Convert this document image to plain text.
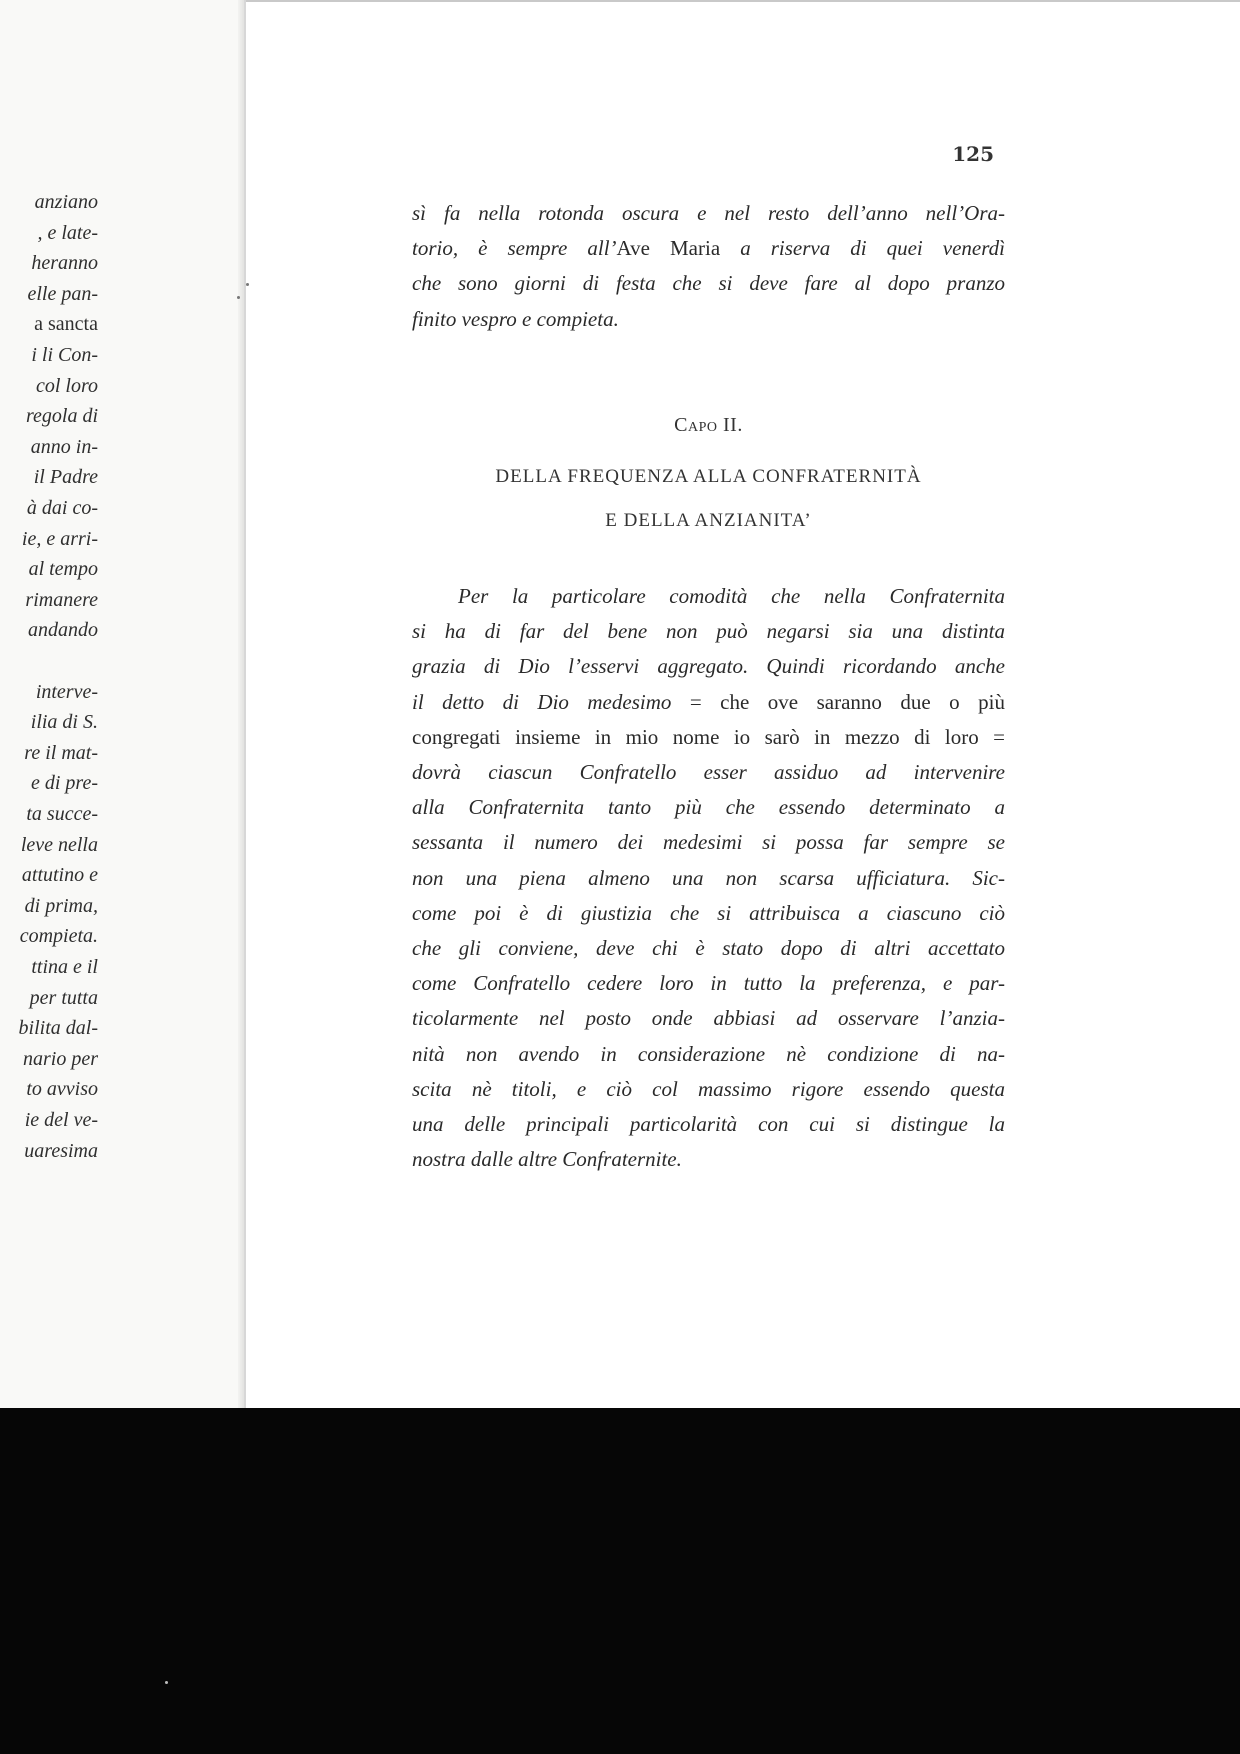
anziano
, e late-
heranno
elle pan-
a sancta
i li Con-
col loro
regola di
anno in-
il Padre
à dai co-
ie, e arri-
al tempo
rimanere
andando
interve-
ilia di S.
re il mat-
e di pre-
ta succe-
leve nella
attutino e
di prima,
compieta.
ttina e il
per tutta
bilita dal-
nario per
to avviso
ie del ve-
uaresima
125
sì fa nella rotonda oscura e nel resto dell’anno nell’Ora-
torio, è sempre all’Ave Maria a riserva di quei venerdì
che sono giorni di festa che si deve fare al dopo pranzo
finito vespro e compieta.
Capo II.
DELLA FREQUENZA ALLA CONFRATERNITÀ
E DELLA ANZIANITA’
Per la particolare comodità che nella Confraternita
si ha di far del bene non può negarsi sia una distinta
grazia di Dio l’esservi aggregato. Quindi ricordando anche
il detto di Dio medesimo = che ove saranno due o più
congregati insieme in mio nome io sarò in mezzo di loro =
dovrà ciascun Confratello esser assiduo ad intervenire
alla Confraternita tanto più che essendo determinato a
sessanta il numero dei medesimi si possa far sempre se
non una piena almeno una non scarsa ufficiatura. Sic-
come poi è di giustizia che si attribuisca a ciascuno ciò
che gli conviene, deve chi è stato dopo di altri accettato
come Confratello cedere loro in tutto la preferenza, e par-
ticolarmente nel posto onde abbiasi ad osservare l’anzia-
nità non avendo in considerazione nè condizione di na-
scita nè titoli, e ciò col massimo rigore essendo questa
una delle principali particolarità con cui si distingue la
nostra dalle altre Confraternite.
